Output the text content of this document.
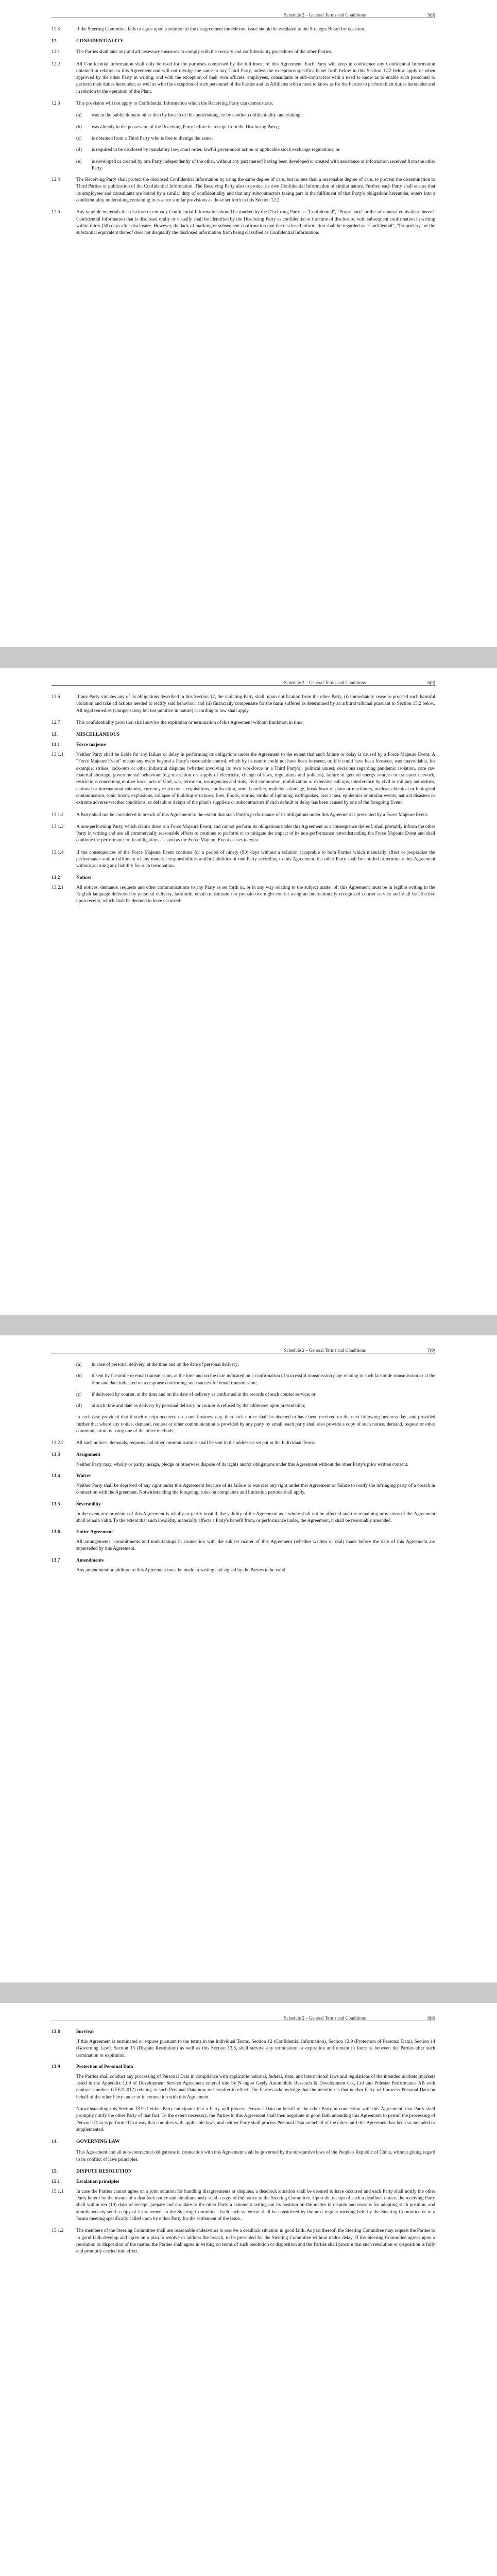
Schedule 2 – General Terms and Conditions	5(9)
11.3	If the Steering Committee fails to agree upon a solution of the disagreement the relevant issue should be escalated to the Strategic Board for decision.
12.	CONFIDENTIALITY
12.1	The Parties shall take any and all necessary measures to comply with the security and confidentiality procedures of the other Parties.
12.2	All Confidential Information shall only be used for the purposes comprised by the fulfilment of this Agreement. Each Party will keep in confidence any Confidential Information obtained in relation to this Agreement and will not divulge the same to any Third Party, unless the exceptions specifically set forth below in this Section 12.2 below apply or when approved by the other Party in writing, and with the exception of their own officers, employees, consultants or sub-contractors with a need to know as to enable such personnel to perform their duties hereunder, as well as with the exception of such personnel of the Parties and its Affiliates with a need to know as for the Parties to perform their duties hereunder and in relation to the operation of the Plant.
12.3	This provision will not apply to Confidential Information which the Receiving Party can demonstrate:
(a)	was in the public domain other than by breach of this undertaking, or by another confidentiality undertaking;
(b)	was already in the possession of the Receiving Party before its receipt from the Disclosing Party;
(c)	is obtained from a Third Party who is free to divulge the same;
(d)	is required to be disclosed by mandatory law, court order, lawful government action or applicable stock exchange regulations; or
(e)	is developed or created by one Party independently of the other, without any part thereof having been developed or created with assistance or information received from the other Party.
12.4	The Receiving Party shall protect the disclosed Confidential Information by using the same degree of care, but no less than a reasonable degree of care, to prevent the dissemination to Third Parties or publication of the Confidential Information. The Receiving Party also to protect its own Confidential Information of similar nature. Further, each Party shall ensure that its employees and consultants are bound by a similar duty of confidentiality and that any subcontractors taking part in the fulfilment of that Party's obligations hereunder, enters into a confidentiality undertaking containing in essence similar provisions as those set forth in this Section 12.2.
12.5	Any tangible materials that disclose or embody Confidential Information should be marked by the Disclosing Party as "Confidential", "Proprietary" or the substantial equivalent thereof. Confidential Information that is disclosed orally or visually shall be identified by the Disclosing Party as confidential at the time of disclosure, with subsequent confirmation in writing within thirty (30) days after disclosure. However, the lack of marking or subsequent confirmation that the disclosed information shall be regarded as "Confidential", "Proprietary" or the substantial equivalent thereof does not disqualify the disclosed information from being classified as Confidential Information.
Schedule 2 – General Terms and Conditions	6(9)
12.6	If any Party violates any of its obligations described in this Section 12, the violating Party shall, upon notification from the other Party, (i) immediately cease to proceed such harmful violation and take all actions needed to rectify said behaviour and (ii) financially compensate for the harm suffered as determined by an arbitral tribunal pursuant to Section 15.2 below. All legal remedies (compensatory but not punitive in nature) according to law shall apply.
12.7	This confidentiality provision shall survive the expiration or termination of this Agreement without limitation in time.
13.	MISCELLANEOUS
13.1	Force majeure
13.1.1	Neither Party shall be liable for any failure or delay in performing its obligations under the Agreement to the extent that such failure or delay is caused by a Force Majeure Event. A "Force Majeure Event" means any event beyond a Party's reasonable control, which by its nature could not have been foreseen, or, if it could have been foreseen, was unavoidable, for example; strikes, lock-outs or other industrial disputes (whether involving its own workforce or a Third Party's), political unrest, decisions regarding pandemic isolation, core raw material shortage, governmental behaviour (e.g restriction on supply of electricity, change of laws, regulations and policies), failure of general energy sources or transport network, restrictions concerning motive force, acts of God, war, terrorism, insurgencies and riots, civil commotion, mobilization or extensive call ups, interference by civil or military authorities, national or international calamity, currency restrictions, requisitions, confiscation, armed conflict, malicious damage, breakdown of plant or machinery, nuclear, chemical or biological contamination, sonic boom, explosions, collapse of building structures, fires, floods, storms, stroke of lightning, earthquakes, loss at sea, epidemics or similar events, natural disasters or extreme adverse weather conditions, or default or delays of the plant's suppliers or subcontractors if such default or delay has been caused by one of the foregoing Event.
13.1.2	A Party shall not be considered in breach of this Agreement to the extent that such Party's performance of its obligations under this Agreement is prevented by a Force Majeure Event.
13.1.3	A non-performing Party, which claims there is a Force Majeure Event, and cannot perform its obligations under this Agreement as a consequence thereof, shall promptly inform the other Party in writing and use all commercially reasonable efforts to continue to perform or to mitigate the impact of its non-performance notwithstanding the Force Majeure Event and shall continue the performance of its obligations as soon as the Force Majeure Event ceases to exist.
13.1.4	If the consequences of the Force Majeure Event continue for a period of ninety (90) days without a solution acceptable to both Parties which materially affect or jeopardize the performance and/or fulfilment of any material responsibilities and/or liabilities of one Party according to this Agreement, the other Party shall be entitled to terminate this Agreement without accruing any liability for such termination.
13.2	Notices
13.2.1	All notices, demands, requests and other communications to any Party as set forth in, or in any way relating to the subject matter of, this Agreement must be in legible writing in the English language delivered by personal delivery, facsimile, email transmission or prepaid overnight courier using an internationally recognized courier service and shall be effective upon receipt, which shall be deemed to have occurred:
Schedule 2 – General Terms and Conditions	7(9)
(a)	in case of personal delivery, at the time and on the date of personal delivery;
(b)	if sent by facsimile or email transmission, at the time and on the date indicated on a confirmation of successful transmission page relating to such facsimile transmission or at the time and date indicated on a response confirming such successful email transmission;
(c)	if delivered by courier, at the time and on the date of delivery as confirmed in the records of such courier service; or
(d)	at such time and date as delivery by personal delivery or courier is refused by the addressee upon presentation;
in each case provided that if such receipt occurred on a non-business day, then such notice shall be deemed to have been received on the next following business day; and provided further that where any notice, demand, request or other communication is provided by any party by email, each party shall also provide a copy of such notice, demand, request or other communication by using one of the other methods.
13.2.2	All such notices, demands, requests and other communications shall be sent to the addresses set out in the Individual Terms.
13.3	Assignment
Neither Party may, wholly or partly, assign, pledge or otherwise dispose of its rights and/or obligations under this Agreement without the other Party's prior written consent.
13.4	Waiver
Neither Party shall be deprived of any right under this Agreement because of its failure to exercise any right under this Agreement or failure to notify the infringing party of a breach in connection with the Agreement. Notwithstanding the foregoing, rules on complaints and limitation periods shall apply.
13.5	Severability
In the event any provision of this Agreement is wholly or partly invalid, the validity of the Agreement as a whole shall not be affected and the remaining provisions of the Agreement shall remain valid. To the extent that such invalidity materially affects a Party's benefit from, or performance under, the Agreement, it shall be reasonably amended.
13.6	Entire Agreement
All arrangements, commitments and undertakings in connection with the subject matter of this Agreement (whether written or oral) made before the date of this Agreement are superseded by this Agreement.
13.7	Amendments
Any amendment or addition to this Agreement must be made in writing and signed by the Parties to be valid.
Schedule 2 – General Terms and Conditions	8(9)
13.8	Survival
If this Agreement is terminated or expires pursuant to the terms in the Individual Terms, Section 12 (Confidential Information), Section 13.9 (Protection of Personal Data), Section 14 (Governing Law), Section 15 (Dispute Resolution) as well as this Section 13.8, shall survive any termination or expiration and remain in force as between the Parties after such termination or expiration.
13.9	Protection of Personal Data
The Parties shall conduct any processing of Personal Data in compliance with applicable national, federal, state, and international laws and regulations of the intended markets (markets listed in the Appendix 1.09 of Development Service Agreement entered into by N ingbo Geely Automobile Research & Development Co., Ltd and Polestar Performance AB with contract number: GEE21-012) relating to such Personal Data now or hereafter in effect. The Parties acknowledge that the intention is that neither Party will process Personal Data on behalf of the other Party under or in connection with this Agreement.
Notwithstanding this Section 13.9 if either Party anticipates that a Party will process Personal Data on behalf of the other Party in connection with this Agreement, that Party shall promptly notify the other Party of that fact. To the extent necessary, the Parties to this Agreement shall then negotiate in good faith amending this Agreement to permit the processing of Personal Data is performed in a way that complies with applicable laws, and neither Party shall process Personal Data on behalf of the other until this Agreement has been so amended or supplemented.
14.	GOVERNING LAW
This Agreement and all non-contractual obligations in connection with this Agreement shall be governed by the substantive laws of the People's Republic of China, without giving regard to its conflict of laws principles.
15.	DISPUTE RESOLUTION
15.1	Escalation principles
15.1.1	In case the Parties cannot agree on a joint solution for handling disagreements or disputes, a deadlock situation shall be deemed to have occurred and each Party shall notify the other Party hereof by the means of a deadlock notice and simultaneously send a copy of the notice to the Steering Committee. Upon the receipt of such a deadlock notice, the receiving Party shall within ten (10) days of receipt, prepare and circulate to the other Party a statement setting out its position on the matter in dispute and reasons for adopting such position, and simultaneously send a copy of its statement to the Steering Committee. Each such statement shall be considered by the next regular meeting held by the Steering Committee or in a forum meeting specifically called upon by either Party for the settlement of the issue.
15.1.2	The members of the Steering Committee shall use reasonable endeavours to resolve a deadlock situation in good faith. As part thereof, the Steering Committee may request the Parties to in good faith develop and agree on a plan to resolve or address the breach, to be presented for the Steering Committee without undue delay. If the Steering Committee agrees upon a resolution or disposition of the matter, the Parties shall agree in writing on terms of such resolution or disposition and the Parties shall procure that such resolution or disposition is fully and promptly carried into effect.
